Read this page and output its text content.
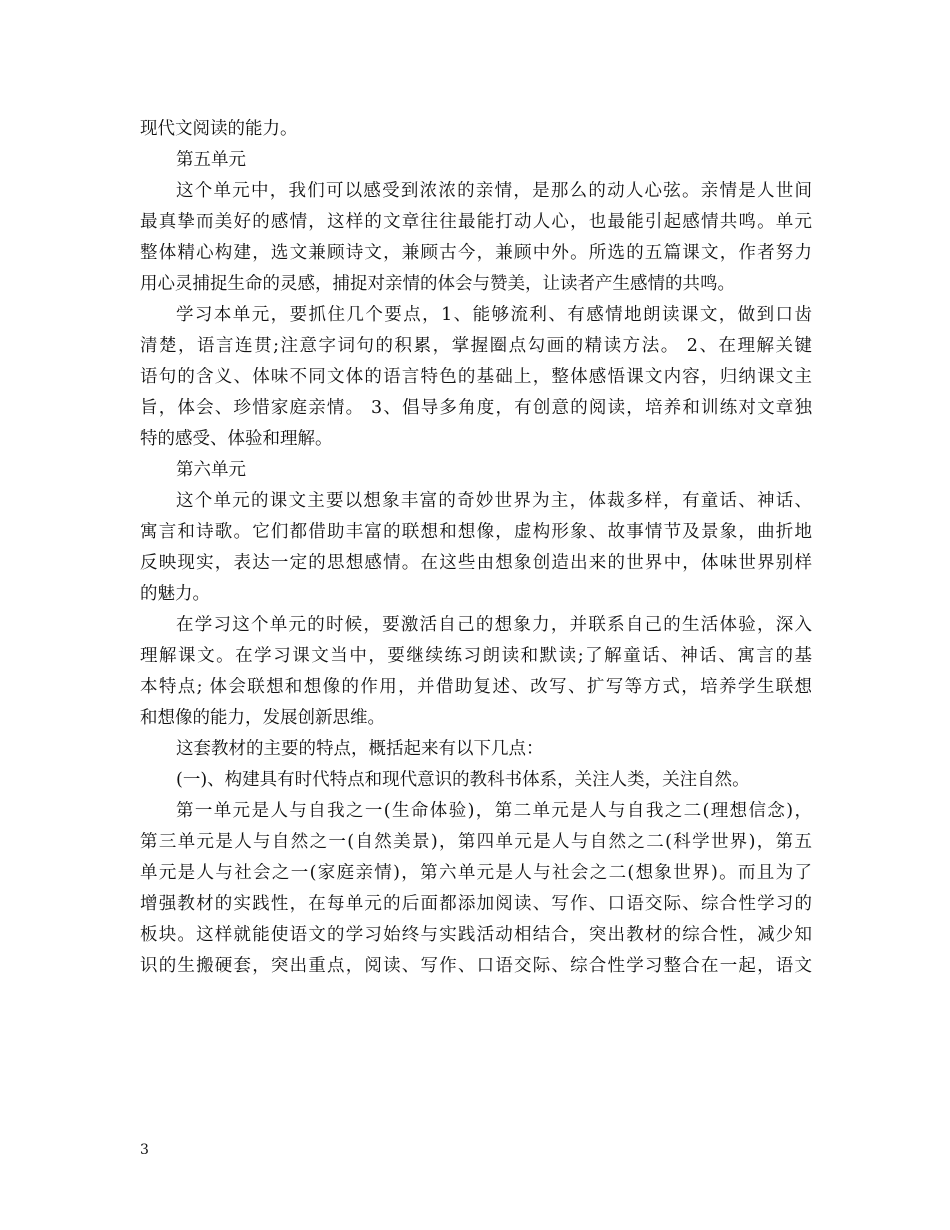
现代文阅读的能力。
第五单元
这个单元中，我们可以感受到浓浓的亲情，是那么的动人心弦。亲情是人世间
最真挚而美好的感情，这样的文章往往最能打动人心，也最能引起感情共鸣。单元
整体精心构建，选文兼顾诗文，兼顾古今，兼顾中外。所选的五篇课文，作者努力
用心灵捕捉生命的灵感，捕捉对亲情的体会与赞美，让读者产生感情的共鸣。
学习本单元，要抓住几个要点，1、能够流利、有感情地朗读课文，做到口齿
清楚，语言连贯;注意字词句的积累，掌握圈点勾画的精读方法。 2、在理解关键
语句的含义、体味不同文体的语言特色的基础上，整体感悟课文内容，归纳课文主
旨，体会、珍惜家庭亲情。 3、倡导多角度，有创意的阅读，培养和训练对文章独
特的感受、体验和理解。
第六单元
这个单元的课文主要以想象丰富的奇妙世界为主，体裁多样，有童话、神话、
寓言和诗歌。它们都借助丰富的联想和想像，虚构形象、故事情节及景象，曲折地
反映现实，表达一定的思想感情。在这些由想象创造出来的世界中，体味世界别样
的魅力。
在学习这个单元的时候，要激活自己的想象力，并联系自己的生活体验，深入
理解课文。在学习课文当中，要继续练习朗读和默读;了解童话、神话、寓言的基
本特点; 体会联想和想像的作用，并借助复述、改写、扩写等方式，培养学生联想
和想像的能力，发展创新思维。
这套教材的主要的特点，概括起来有以下几点：
(一)、构建具有时代特点和现代意识的教科书体系，关注人类，关注自然。
第一单元是人与自我之一(生命体验)，第二单元是人与自我之二(理想信念)，
第三单元是人与自然之一(自然美景)，第四单元是人与自然之二(科学世界)，第五
单元是人与社会之一(家庭亲情)，第六单元是人与社会之二(想象世界)。而且为了
增强教材的实践性，在每单元的后面都添加阅读、写作、口语交际、综合性学习的
板块。这样就能使语文的学习始终与实践活动相结合，突出教材的综合性，减少知
识的生搬硬套，突出重点，阅读、写作、口语交际、综合性学习整合在一起，语文
3
